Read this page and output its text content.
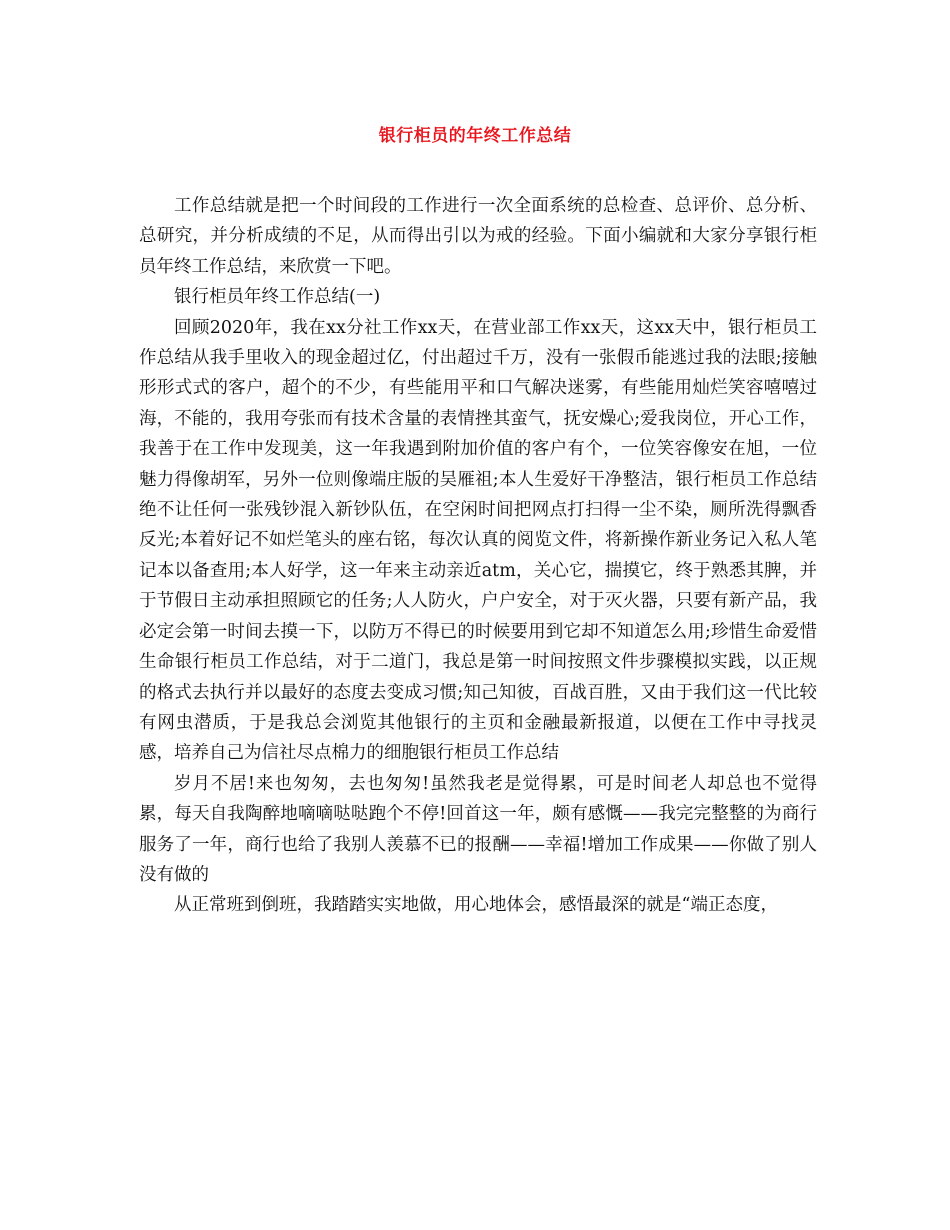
银行柜员的年终工作总结

工作总结就是把一个时间段的工作进行一次全面系统的总检查、总评价、总分析、总研究，并分析成绩的不足，从而得出引以为戒的经验。下面小编就和大家分享银行柜员年终工作总结，来欣赏一下吧。

银行柜员年终工作总结(一)

回顾2020年，我在xx分社工作xx天，在营业部工作xx天，这xx天中，银行柜员工作总结从我手里收入的现金超过亿，付出超过千万，没有一张假币能逃过我的法眼;接触形形式式的客户，超个的不少，有些能用平和口气解决迷雾，有些能用灿烂笑容嘻嘻过海，不能的，我用夸张而有技术含量的表情挫其蛮气，抚安燥心;爱我岗位，开心工作，我善于在工作中发现美，这一年我遇到附加价值的客户有个，一位笑容像安在旭，一位魅力得像胡军，另外一位则像端庄版的吴雁祖;本人生爱好干净整洁，银行柜员工作总结绝不让任何一张残钞混入新钞队伍，在空闲时间把网点打扫得一尘不染，厕所洗得飘香反光;本着好记不如烂笔头的座右铭，每次认真的阅览文件，将新操作新业务记入私人笔记本以备查用;本人好学，这一年来主动亲近atm，关心它，揣摸它，终于熟悉其脾，并于节假日主动承担照顾它的任务;人人防火，户户安全，对于灭火器，只要有新产品，我必定会第一时间去摸一下，以防万不得已的时候要用到它却不知道怎么用;珍惜生命爱惜生命银行柜员工作总结，对于二道门，我总是第一时间按照文件步骤模拟实践，以正规的格式去执行并以最好的态度去变成习惯;知己知彼，百战百胜，又由于我们这一代比较有网虫潜质，于是我总会浏览其他银行的主页和金融最新报道，以便在工作中寻找灵感，培养自己为信社尽点棉力的细胞银行柜员工作总结

岁月不居!来也匆匆，去也匆匆!虽然我老是觉得累，可是时间老人却总也不觉得累，每天自我陶醉地嘀嘀哒哒跑个不停!回首这一年，颇有感慨——我完完整整的为商行服务了一年，商行也给了我别人羡慕不已的报酬——幸福!增加工作成果——你做了别人没有做的

从正常班到倒班，我踏踏实实地做，用心地体会，感悟最深的就是“端正态度，
